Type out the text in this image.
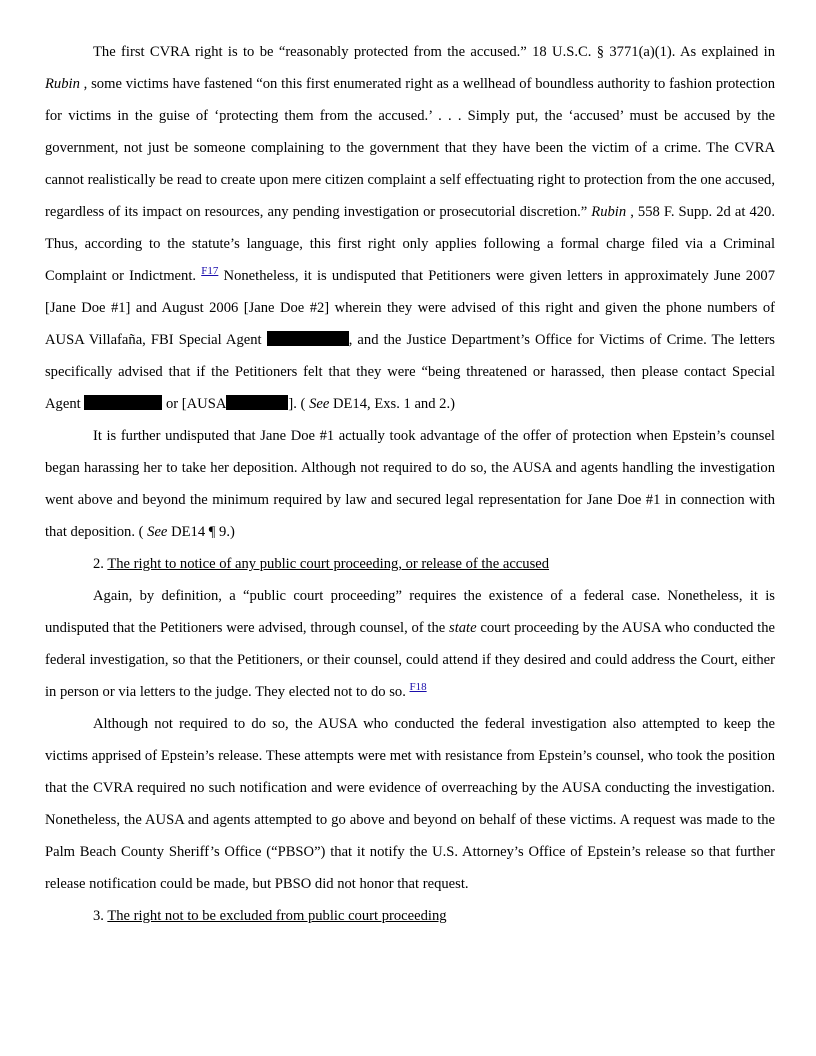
The first CVRA right is to be “reasonably protected from the accused.” 18 U.S.C. § 3771(a)(1). As explained in Rubin , some victims have fastened “on this first enumerated right as a wellhead of boundless authority to fashion protection for victims in the guise of ‘protecting them from the accused.’ . . . Simply put, the ‘accused’ must be accused by the government, not just be someone complaining to the government that they have been the victim of a crime. The CVRA cannot realistically be read to create upon mere citizen complaint a self effectuating right to protection from the one accused, regardless of its impact on resources, any pending investigation or prosecutorial discretion.” Rubin , 558 F. Supp. 2d at 420. Thus, according to the statute’s language, this first right only applies following a formal charge filed via a Criminal Complaint or Indictment. $^{F17}$ Nonetheless, it is undisputed that Petitioners were given letters in approximately June 2007 [Jane Doe #1] and August 2006 [Jane Doe #2] wherein they were advised of this right and given the phone numbers of AUSA Villafaña, FBI Special Agent	, and the Justice Department’s Office for Victims of Crime. The letters specifically advised that if the Petitioners felt that they were “being threatened or harassed, then please contact Special Agent	or [AUSA	]. ( See DE14, Exs. 1 and 2.)

It is further undisputed that Jane Doe #1 actually took advantage of the offer of protection when Epstein’s counsel began harassing her to take her deposition. Although not required to do so, the AUSA and agents handling the investigation went above and beyond the minimum required by law and secured legal representation for Jane Doe #1 in connection with that deposition. ( See DE14 ¶ 9.)

2. The right to notice of any public court proceeding, or release of the accused

Again, by definition, a “public court proceeding” requires the existence of a federal case. Nonetheless, it is undisputed that the Petitioners were advised, through counsel, of the state court proceeding by the AUSA who conducted the federal investigation, so that the Petitioners, or their counsel, could attend if they desired and could address the Court, either in person or via letters to the judge. They elected not to do so. $^{F18}$

Although not required to do so, the AUSA who conducted the federal investigation also attempted to keep the victims apprised of Epstein’s release. These attempts were met with resistance from Epstein’s counsel, who took the position that the CVRA required no such notification and were evidence of overreaching by the AUSA conducting the investigation. Nonetheless, the AUSA and agents attempted to go above and beyond on behalf of these victims. A request was made to the Palm Beach County Sheriff’s Office (“PBSO”) that it notify the U.S. Attorney’s Office of Epstein’s release so that further release notification could be made, but PBSO did not honor that request.

3. The right not to be excluded from public court proceeding
